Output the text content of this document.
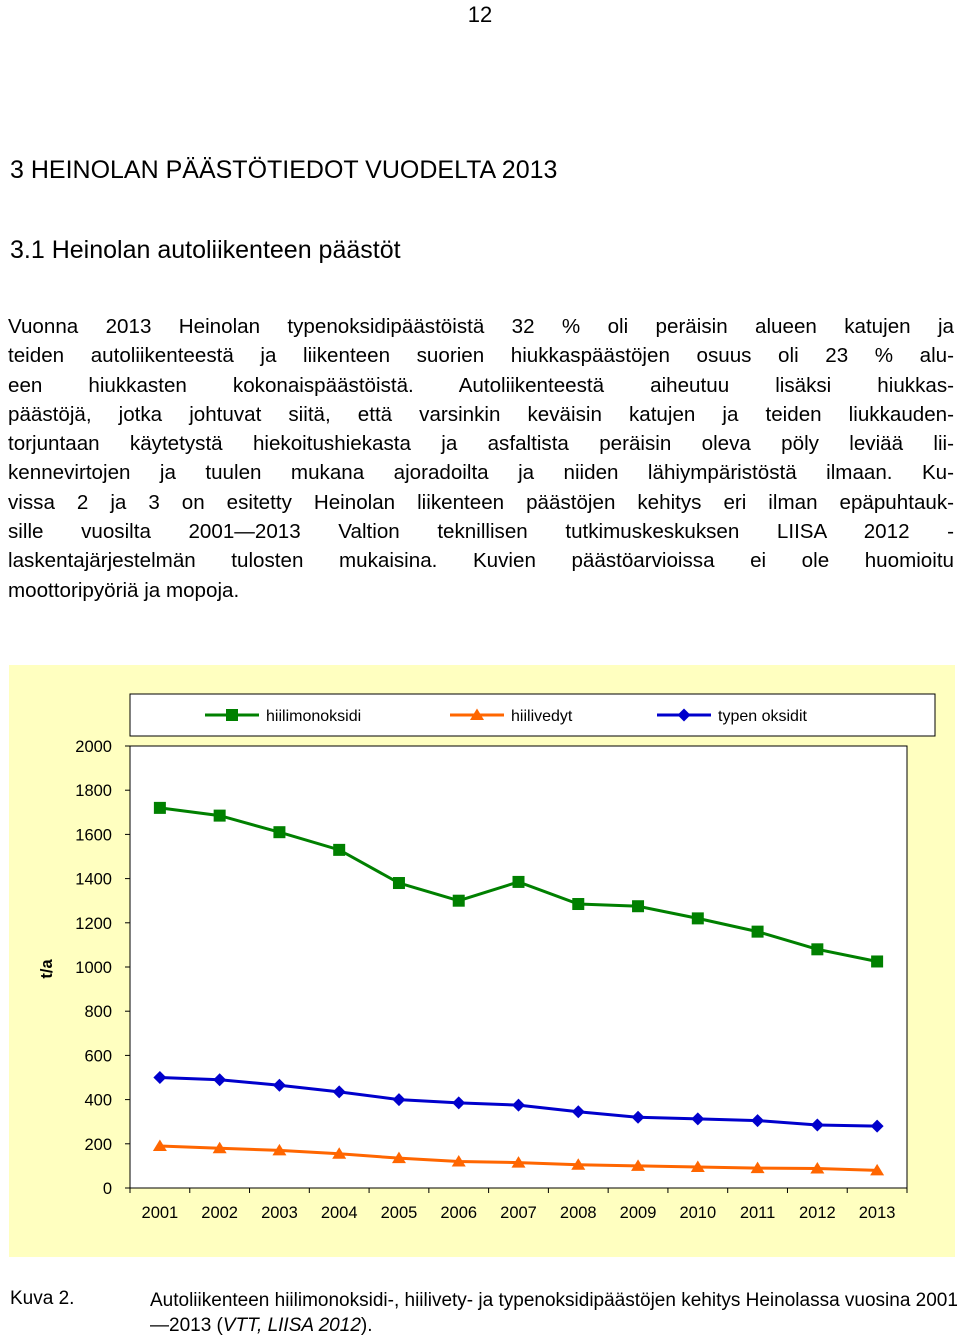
12
3 HEINOLAN PÄÄSTÖTIEDOT VUODELTA 2013
3.1 Heinolan autoliikenteen päästöt

Vuonna 2013 Heinolan typenoksidipäästöistä 32 % oli peräisin alueen katujen ja
teiden autoliikenteestä ja liikenteen suorien hiukkaspäästöjen osuus oli 23 % alu-
een hiukkasten kokonaispäästöistä. Autoliikenteestä aiheutuu lisäksi hiukkas-
päästöjä, jotka johtuvat siitä, että varsinkin keväisin katujen ja teiden liukkauden-
torjuntaan käytetystä hiekoitushiekasta ja asfaltista peräisin oleva pöly leviää lii-
kennevirtojen ja tuulen mukana ajoradoilta ja niiden lähiympäristöstä ilmaan. Ku-
vissa 2 ja 3 on esitetty Heinolan liikenteen päästöjen kehitys eri ilman epäpuhtauk-
sille vuosilta 2001—2013 Valtion teknillisen tutkimuskeskuksen LIISA 2012 -
laskentajärjestelmän tulosten mukaisina. Kuvien päästöarvioissa ei ole huomioitu
moottoripyöriä ja mopoja.

0
200
400
600
800
1000
1200
1400
1600
1800
2000
2001 2002 2003 2004 2005 2006 2007 2008 2009 2010 2011 2012 2013
t/a
hiilimonoksidi	hiilivedyt	typen oksidit
Kuva 2.	Autoliikenteen hiilimonoksidi-, hiilivety- ja typenoksidipäästöjen kehitys Heinolassa vuosina 2001—2013 (VTT, LIISA 2012).
